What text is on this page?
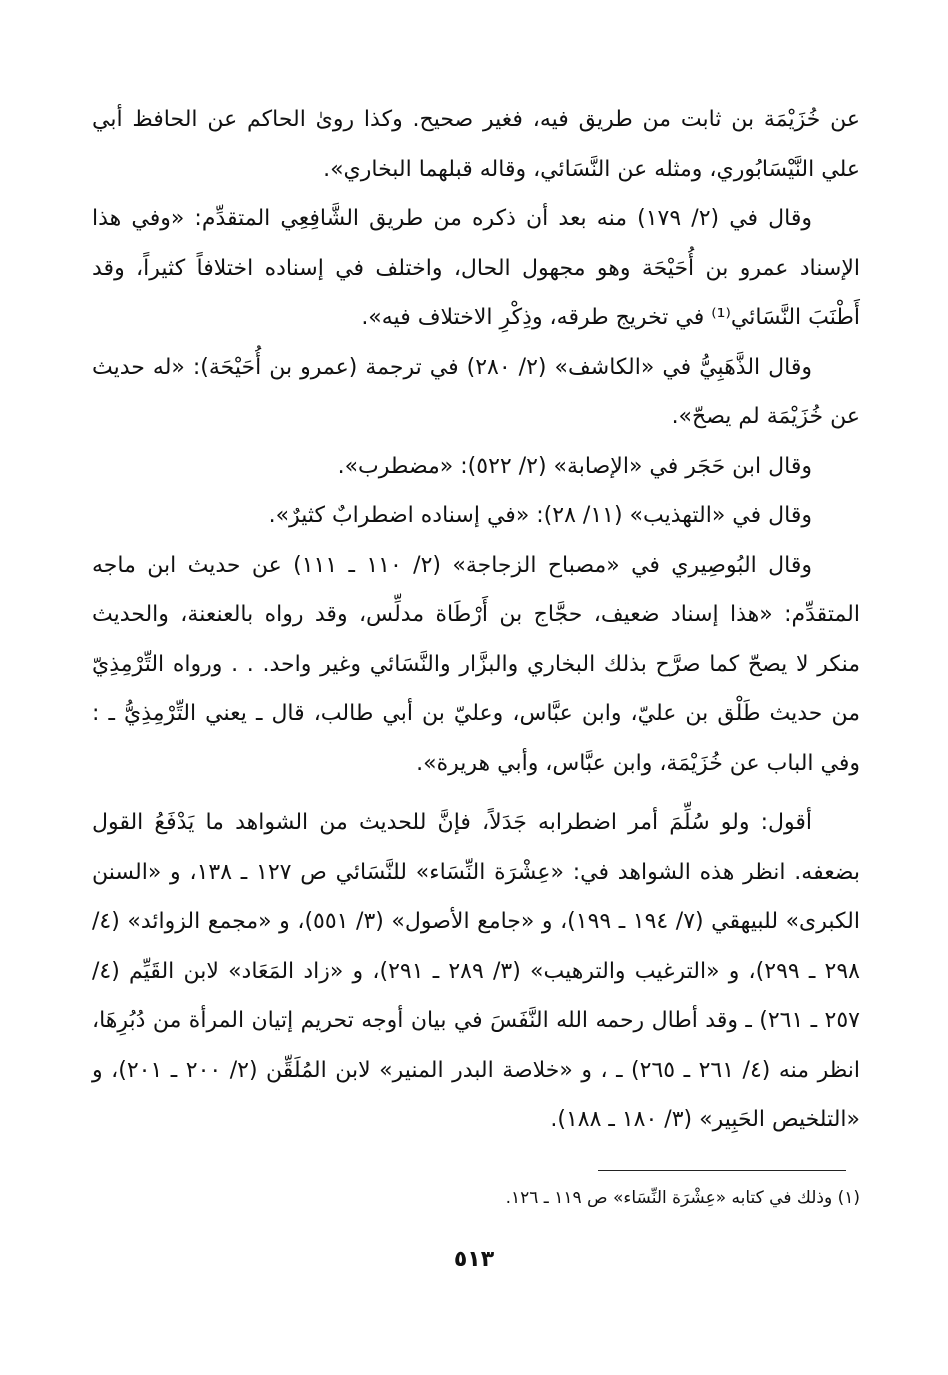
عن خُزَيْمَة بن ثابت من طريق فيه، فغير صحيح. وكذا روىٰ الحاكم عن الحافظ أبي علي النَّيْسَابُوري، ومثله عن النَّسَائي، وقاله قبلهما البخاري».

وقال في (٢/ ١٧٩) منه بعد أن ذكره من طريق الشَّافِعِي المتقدِّم: «وفي هذا الإسناد عمرو بن أُحَيْحَة وهو مجهول الحال، واختلف في إسناده اختلافاً كثيراً، وقد أَطْنَبَ النَّسَائي⁽¹⁾ في تخريج طرقه، وذِكْرِ الاختلاف فيه».

وقال الذَّهَبِيُّ في «الكاشف» (٢/ ٢٨٠) في ترجمة (عمرو بن أُحَيْحَة): «له حديث عن خُزَيْمَة لم يصحّ».

وقال ابن حَجَر في «الإصابة» (٢/ ٥٢٢): «مضطرب».

وقال في «التهذيب» (١١/ ٢٨): «في إسناده اضطرابٌ كثيرٌ».

وقال البُوصِيري في «مصباح الزجاجة» (٢/ ١١٠ ـ ١١١) عن حديث ابن ماجه المتقدِّم: «هذا إسناد ضعيف، حجَّاج بن أَرْطَاة مدلِّس، وقد رواه بالعنعنة، والحديث منكر لا يصحّ كما صرَّح بذلك البخاري والبزَّار والنَّسَائي وغير واحد. . . ورواه التِّرْمِذِيّ من حديث طَلْق بن عليّ، وابن عبَّاس، وعليّ بن أبي طالب، قال ـ يعني التِّرْمِذِيُّ ـ : وفي الباب عن خُزَيْمَة، وابن عبَّاس، وأبي هريرة».

أقول: ولو سُلِّمَ أمر اضطرابه جَدَلاً، فإنَّ للحديث من الشواهد ما يَدْفَعُ القول بضعفه. انظر هذه الشواهد في: «عِشْرَة النِّسَاء» للنَّسَائي ص ١٢٧ ـ ١٣٨، و «السنن الكبرى» للبيهقي (٧/ ١٩٤ ـ ١٩٩)، و «جامع الأصول» (٣/ ٥٥١)، و «مجمع الزوائد» (٤/ ٢٩٨ ـ ٢٩٩)، و «الترغيب والترهيب» (٣/ ٢٨٩ ـ ٢٩١)، و «زاد المَعَاد» لابن القَيِّم (٤/ ٢٥٧ ـ ٢٦١) ـ وقد أطال رحمه الله النَّفَسَ في بيان أوجه تحريم إتيان المرأة من دُبُرِهَا، انظر منه (٤/ ٢٦١ ـ ٢٦٥) ـ ، و «خلاصة البدر المنير» لابن المُلَقِّن (٢/ ٢٠٠ ـ ٢٠١)، و «التلخيص الحَبِير» (٣/ ١٨٠ ـ ١٨٨).

(١) وذلك في كتابه «عِشْرَة النِّسَاء» ص ١١٩ ـ ١٢٦.

٥١٣
